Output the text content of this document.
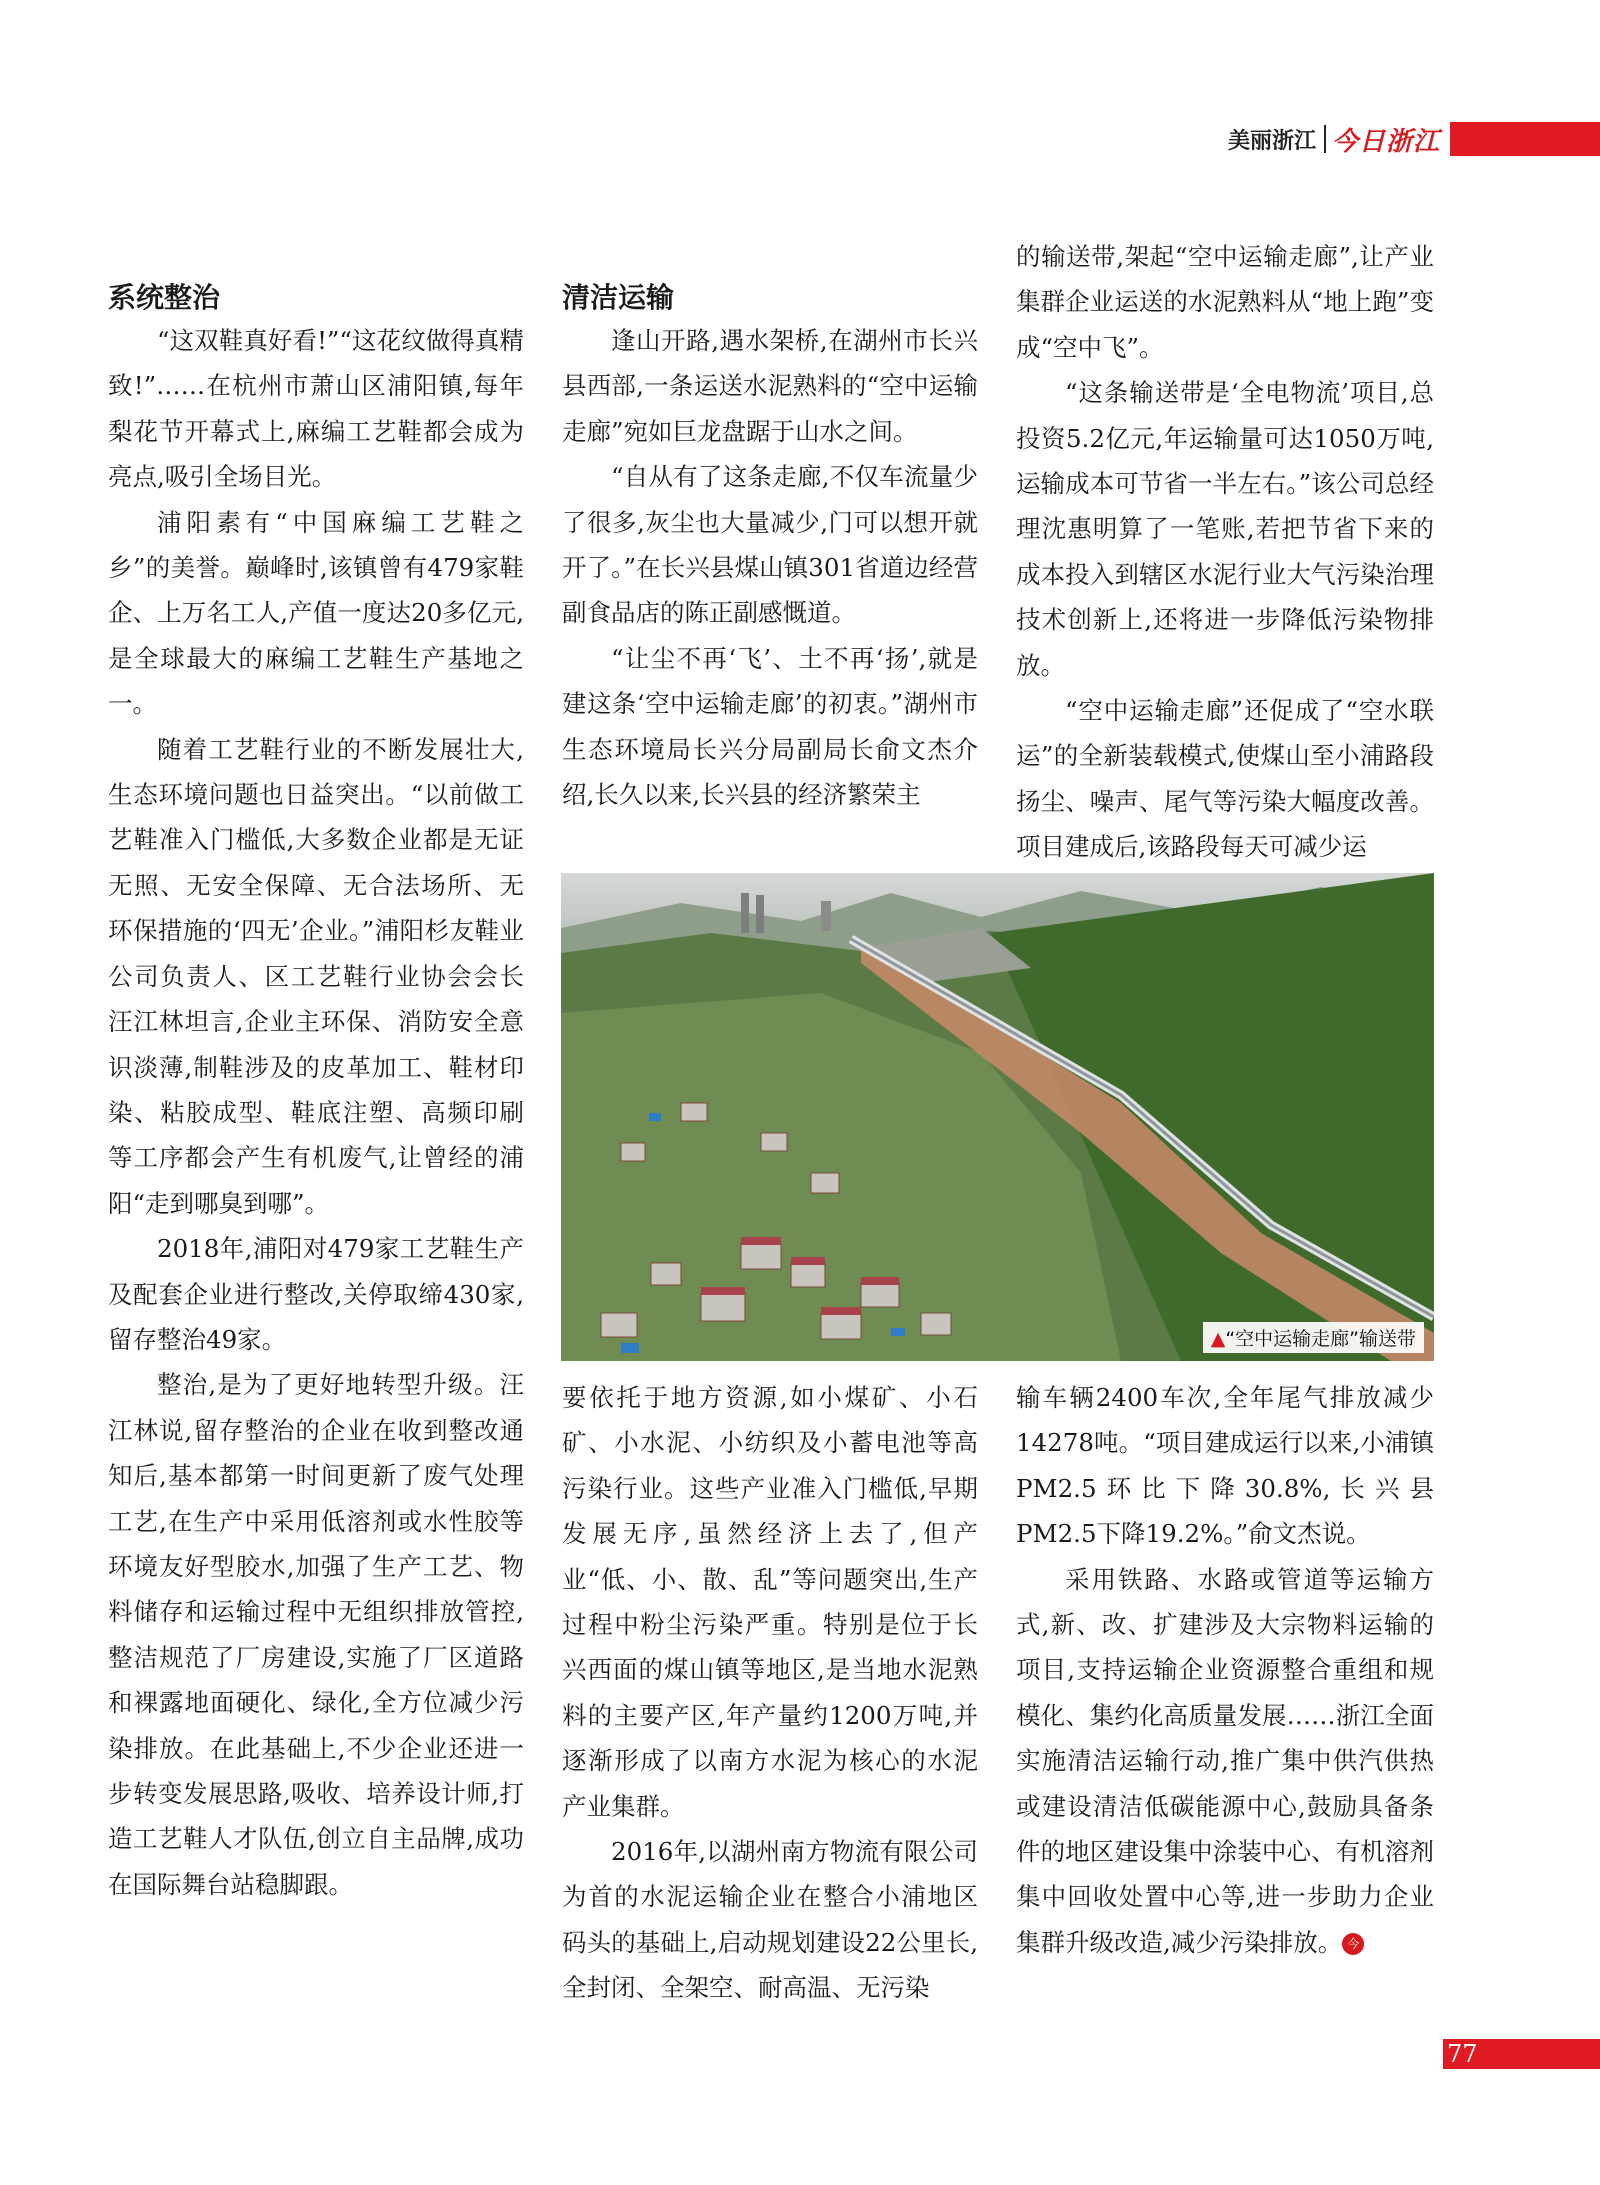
美丽浙江 今日浙江

系统整治

“这双鞋真好看!”“这花纹做得真精致!”……在杭州市萧山区浦阳镇,每年梨花节开幕式上,麻编工艺鞋都会成为亮点,吸引全场目光。

浦阳素有“中国麻编工艺鞋之乡”的美誉。巅峰时,该镇曾有479家鞋企、上万名工人,产值一度达20多亿元,是全球最大的麻编工艺鞋生产基地之一。

随着工艺鞋行业的不断发展壮大,生态环境问题也日益突出。“以前做工艺鞋准入门槛低,大多数企业都是无证无照、无安全保障、无合法场所、无环保措施的‘四无’企业。”浦阳杉友鞋业公司负责人、区工艺鞋行业协会会长汪江林坦言,企业主环保、消防安全意识淡薄,制鞋涉及的皮革加工、鞋材印染、粘胶成型、鞋底注塑、高频印刷等工序都会产生有机废气,让曾经的浦阳“走到哪臭到哪”。

2018年,浦阳对479家工艺鞋生产及配套企业进行整改,关停取缔430家,留存整治49家。

整治,是为了更好地转型升级。汪江林说,留存整治的企业在收到整改通知后,基本都第一时间更新了废气处理工艺,在生产中采用低溶剂或水性胶等环境友好型胶水,加强了生产工艺、物料储存和运输过程中无组织排放管控,整洁规范了厂房建设,实施了厂区道路和裸露地面硬化、绿化,全方位减少污染排放。在此基础上,不少企业还进一步转变发展思路,吸收、培养设计师,打造工艺鞋人才队伍,创立自主品牌,成功在国际舞台站稳脚跟。

清洁运输

逢山开路,遇水架桥,在湖州市长兴县西部,一条运送水泥熟料的“空中运输走廊”宛如巨龙盘踞于山水之间。

“自从有了这条走廊,不仅车流量少了很多,灰尘也大量减少,门可以想开就开了。”在长兴县煤山镇301省道边经营副食品店的陈正副感慨道。

“让尘不再‘飞’、土不再‘扬’,就是建这条‘空中运输走廊’的初衷。”湖州市生态环境局长兴分局副局长俞文杰介绍,长久以来,长兴县的经济繁荣主

的输送带,架起“空中运输走廊”,让产业集群企业运送的水泥熟料从“地上跑”变成“空中飞”。

“这条输送带是‘全电物流’项目,总投资5.2亿元,年运输量可达1050万吨,运输成本可节省一半左右。”该公司总经理沈惠明算了一笔账,若把节省下来的成本投入到辖区水泥行业大气污染治理技术创新上,还将进一步降低污染物排放。

“空中运输走廊”还促成了“空水联运”的全新装载模式,使煤山至小浦路段扬尘、噪声、尾气等污染大幅度改善。项目建成后,该路段每天可减少运

▲“空中运输走廊”输送带

要依托于地方资源,如小煤矿、小石矿、小水泥、小纺织及小蓄电池等高污染行业。这些产业准入门槛低,早期发展无序,虽然经济上去了,但产业“低、小、散、乱”等问题突出,生产过程中粉尘污染严重。特别是位于长兴西面的煤山镇等地区,是当地水泥熟料的主要产区,年产量约1200万吨,并逐渐形成了以南方水泥为核心的水泥产业集群。

2016年,以湖州南方物流有限公司为首的水泥运输企业在整合小浦地区码头的基础上,启动规划建设22公里长,全封闭、全架空、耐高温、无污染

输车辆2400车次,全年尾气排放减少14278吨。“项目建成运行以来,小浦镇PM2.5环比下降30.8%,长兴县PM2.5下降19.2%。”俞文杰说。

采用铁路、水路或管道等运输方式,新、改、扩建涉及大宗物料运输的项目,支持运输企业资源整合重组和规模化、集约化高质量发展……浙江全面实施清洁运输行动,推广集中供汽供热或建设清洁低碳能源中心,鼓励具备条件的地区建设集中涂装中心、有机溶剂集中回收处置中心等,进一步助力企业集群升级改造,减少污染排放。 今

77
